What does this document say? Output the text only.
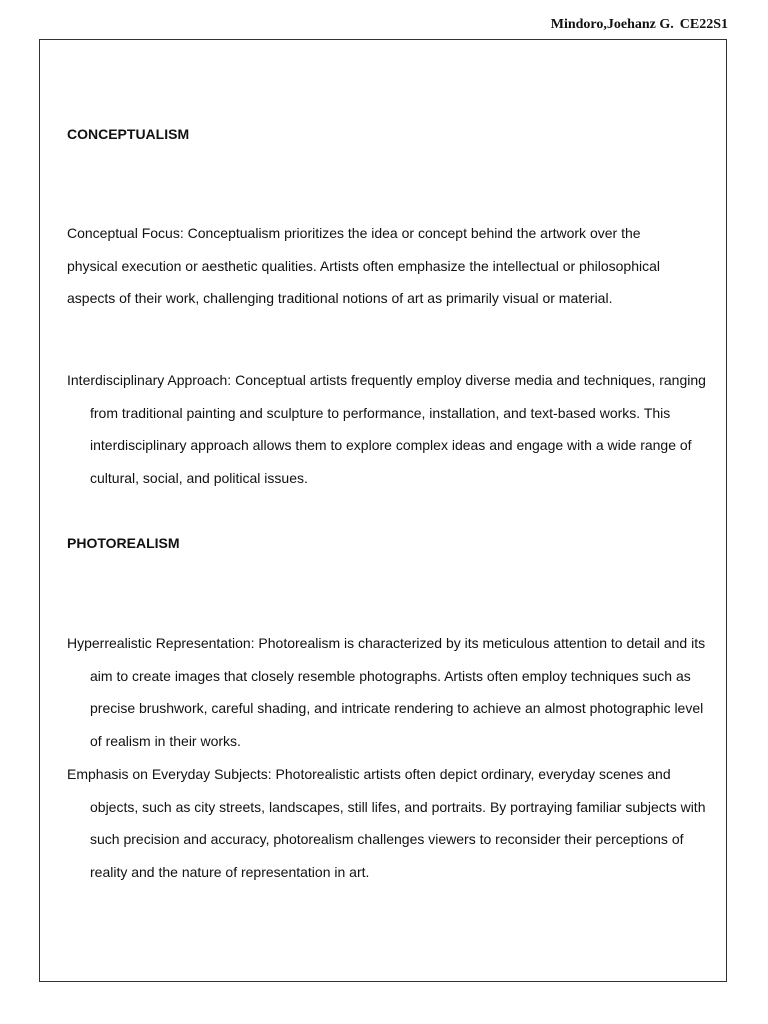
Mindoro,Joehanz G. CE22S1
CONCEPTUALISM

Conceptual Focus: Conceptualism prioritizes the idea or concept behind the artwork over the physical execution or aesthetic qualities. Artists often emphasize the intellectual or philosophical aspects of their work, challenging traditional notions of art as primarily visual or material.

Interdisciplinary Approach: Conceptual artists frequently employ diverse media and techniques, ranging from traditional painting and sculpture to performance, installation, and text-based works. This interdisciplinary approach allows them to explore complex ideas and engage with a wide range of cultural, social, and political issues.

PHOTOREALISM

Hyperrealistic Representation: Photorealism is characterized by its meticulous attention to detail and its aim to create images that closely resemble photographs. Artists often employ techniques such as precise brushwork, careful shading, and intricate rendering to achieve an almost photographic level of realism in their works.

Emphasis on Everyday Subjects: Photorealistic artists often depict ordinary, everyday scenes and objects, such as city streets, landscapes, still lifes, and portraits. By portraying familiar subjects with such precision and accuracy, photorealism challenges viewers to reconsider their perceptions of reality and the nature of representation in art.
